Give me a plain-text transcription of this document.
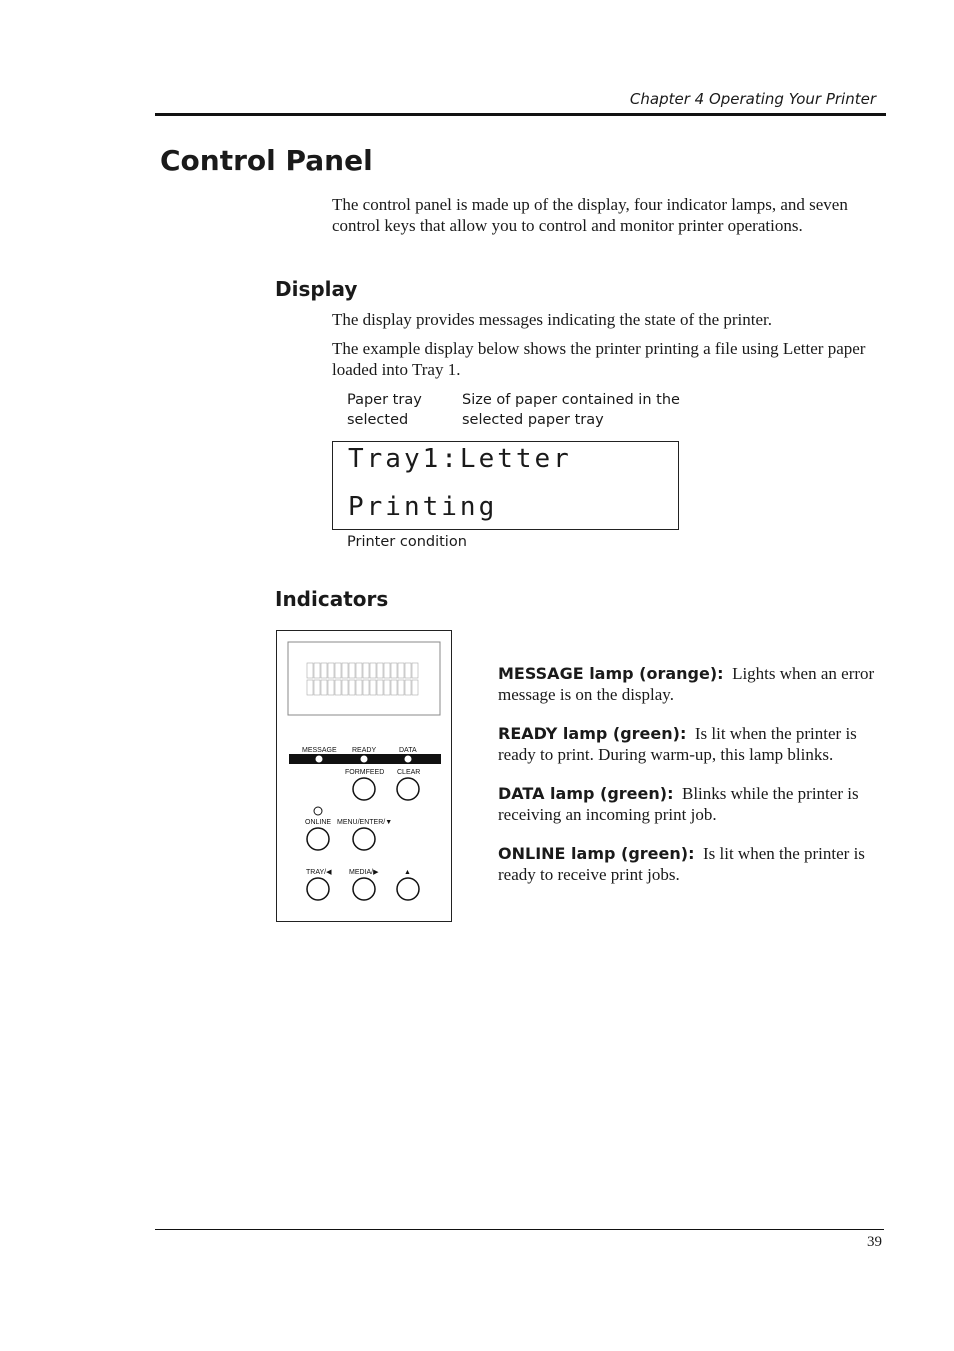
Chapter 4 Operating Your Printer
Control Panel

The control panel is made up of the display, four indicator lamps, and seven control keys that allow you to control and monitor printer operations.

Display

The display provides messages indicating the state of the printer.

The example display below shows the printer printing a file using Letter paper loaded into Tray 1.

Paper tray selected
Size of paper contained in the selected paper tray
Tray1:Letter
Printing
Printer condition
Indicators
MESSAGE READY	DATA
FORMFEED CLEAR
ONLINE MENU/ENTER/▼
TRAY/◀	MEDIA/▶	▲

MESSAGE lamp (orange): Lights when an error message is on the display.

READY lamp (green): Is lit when the printer is ready to print. During warm-up, this lamp blinks.

DATA lamp (green): Blinks while the printer is receiving an incoming print job.

ONLINE lamp (green): Is lit when the printer is ready to receive print jobs.

39
